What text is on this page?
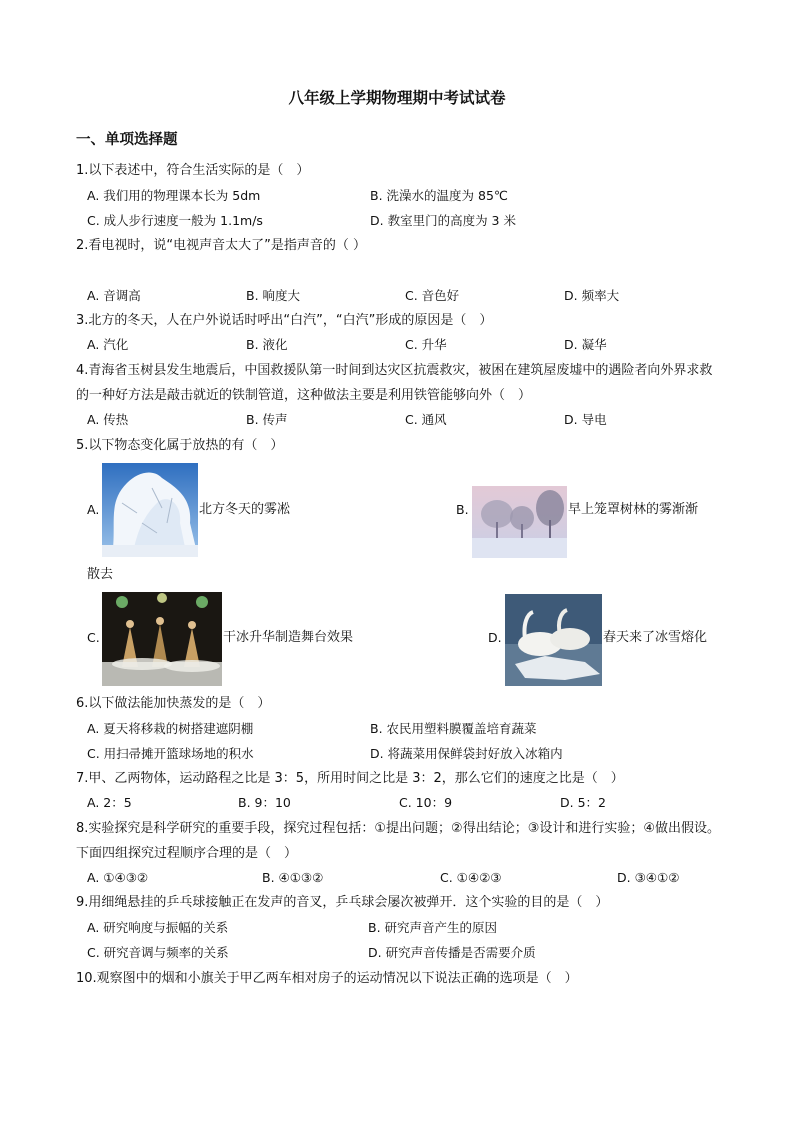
八年级上学期物理期中考试试卷
一、单项选择题
1.以下表述中，符合生活实际的是（　）
A. 我们用的物理课本长为 5dm	B. 洗澡水的温度为 85℃
C. 成人步行速度一般为 1.1m/s	D. 教室里门的高度为 3 米
2.看电视时，说“电视声音太大了”是指声音的（ ）
A. 音调高	B. 响度大	C. 音色好	D. 频率大
3.北方的冬天，人在户外说话时呼出“白汽”，“白汽”形成的原因是（　）
A. 汽化	B. 液化	C. 升华	D. 凝华
4.青海省玉树县发生地震后，中国救援队第一时间到达灾区抗震救灾，被困在建筑屋废墟中的遇险者向外界求救的一种好方法是敲击就近的铁制管道，这种做法主要是利用铁管能够向外（　）
A. 传热	B. 传声	C. 通风	D. 导电
5.以下物态变化属于放热的有（　）
A.	北方冬天的雾凇	B.	早上笼罩树林的雾渐渐
散去
C.	干冰升华制造舞台效果	D.	春天来了冰雪熔化
6.以下做法能加快蒸发的是（　）
A. 夏天将移栽的树搭建遮阴棚	B. 农民用塑料膜覆盖培育蔬菜
C. 用扫帚摊开篮球场地的积水	D. 将蔬菜用保鲜袋封好放入冰箱内
7.甲、乙两物体，运动路程之比是 3：5，所用时间之比是 3：2，那么它们的速度之比是（　）
A. 2：5	B. 9：10	C. 10：9	D. 5：2
8.实验探究是科学研究的重要手段，探究过程包括：①提出问题；②得出结论；③设计和进行实验；④做出假设。下面四组探究过程顺序合理的是（　）
A. ①④③②	B. ④①③②	C. ①④②③	D. ③④①②
9.用细绳悬挂的乒乓球接触正在发声的音叉，乒乓球会屡次被弹开．这个实验的目的是（　）
A. 研究响度与振幅的关系	B. 研究声音产生的原因
C. 研究音调与频率的关系	D. 研究声音传播是否需要介质
10.观察图中的烟和小旗关于甲乙两车相对房子的运动情况以下说法正确的选项是（　）
